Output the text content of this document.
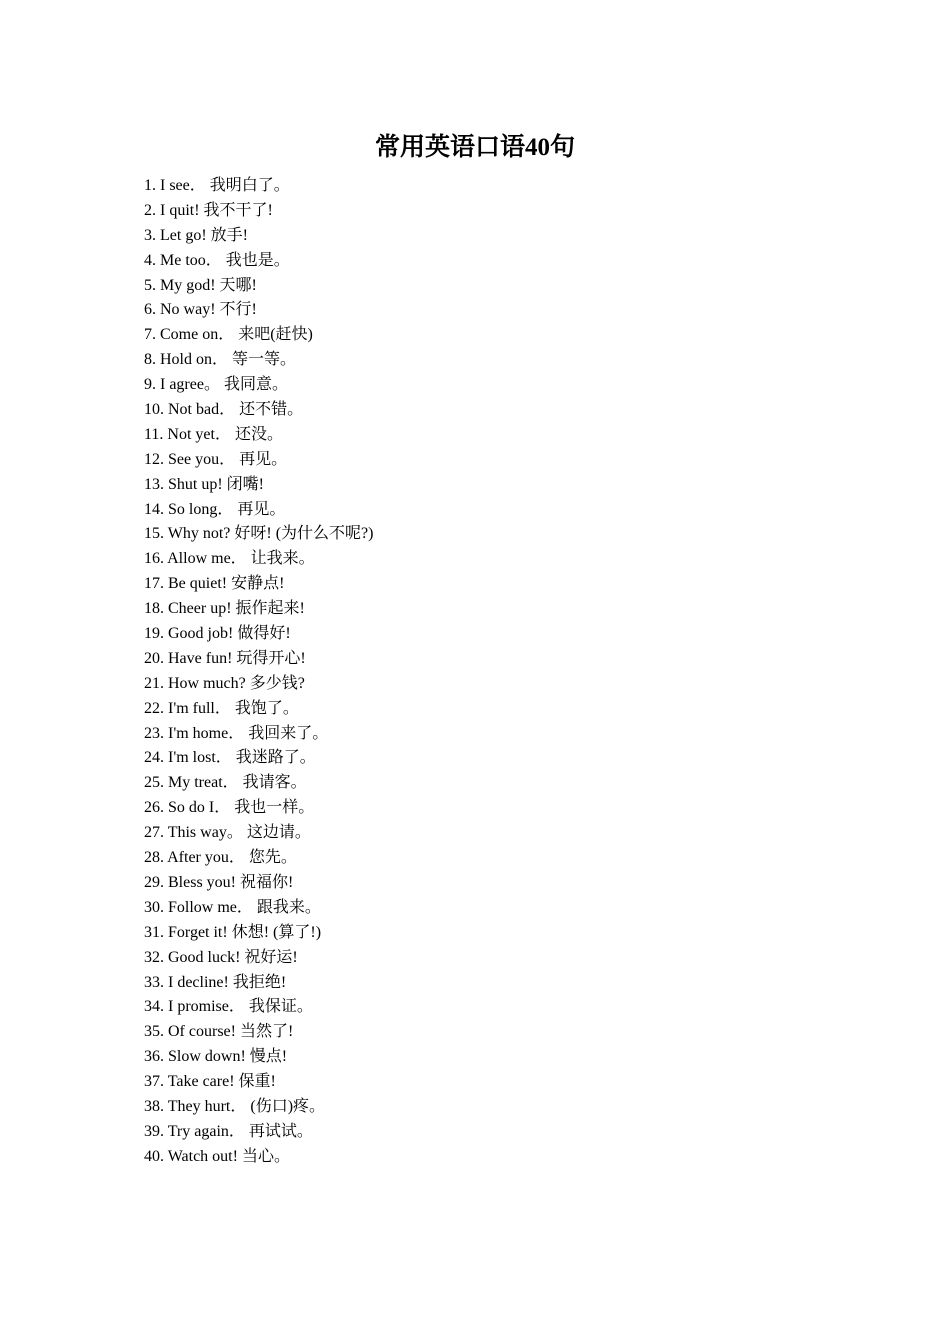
常用英语口语40句
1. I see． 我明白了。
2. I quit! 我不干了!
3. Let go! 放手!
4. Me too． 我也是。
5. My god! 天哪!
6. No way! 不行!
7. Come on． 来吧(赶快)
8. Hold on． 等一等。
9. I agree。 我同意。
10. Not bad． 还不错。
11. Not yet． 还没。
12. See you． 再见。
13. Shut up! 闭嘴!
14. So long． 再见。
15. Why not? 好呀! (为什么不呢?)
16. Allow me． 让我来。
17. Be quiet! 安静点!
18. Cheer up! 振作起来!
19. Good job! 做得好!
20. Have fun! 玩得开心!
21. How much? 多少钱?
22. I'm full． 我饱了。
23. I'm home． 我回来了。
24. I'm lost． 我迷路了。
25. My treat． 我请客。
26. So do I． 我也一样。
27. This way。 这边请。
28. After you． 您先。
29. Bless you! 祝福你!
30. Follow me． 跟我来。
31. Forget it! 休想! (算了!)
32. Good luck! 祝好运!
33. I decline! 我拒绝!
34. I promise． 我保证。
35. Of course! 当然了!
36. Slow down! 慢点!
37. Take care! 保重!
38. They hurt． (伤口)疼。
39. Try again． 再试试。
40. Watch out! 当心。
